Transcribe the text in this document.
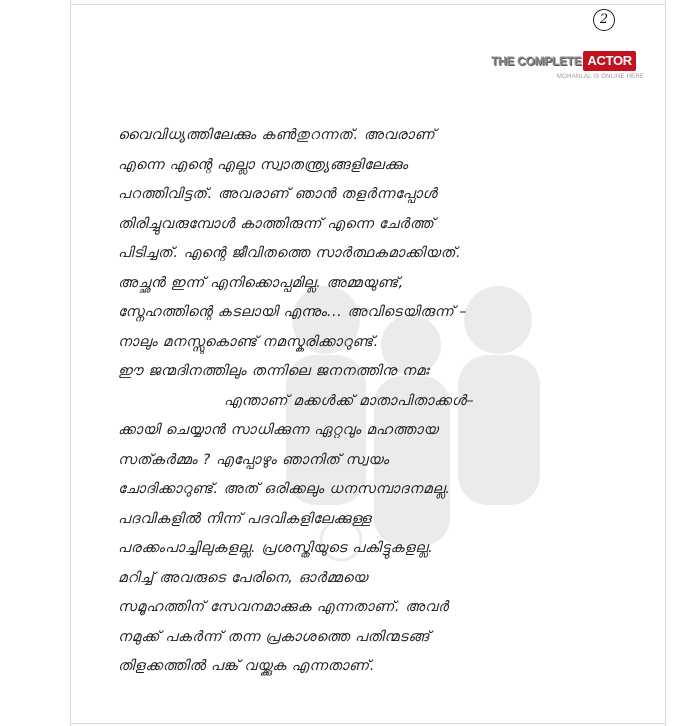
2
THE COMPLETE ACTOR
MOHANLAL IS ONLINE HERE
വൈവിധ്യത്തിലേക്കും കൺതുറന്നത്. അവരാണ്
എന്നെ എന്റെ എല്ലാ സ്വാതന്ത്ര്യങ്ങളിലേക്കും
പറത്തിവിട്ടത്. അവരാണ് ഞാൻ തളർന്നപ്പോൾ
തിരിച്ചുവരുമ്പോൾ കാത്തിരുന്ന് എന്നെ ചേർത്ത്
പിടിച്ചത്. എന്റെ ജീവിതത്തെ സാർത്ഥകമാക്കിയത്.
അച്ഛൻ ഇന്ന് എനിക്കൊപ്പമില്ല. അമ്മയുണ്ട്,
സ്നേഹത്തിന്റെ കടലായി എന്നും... അവിടെയിരുന്ന് –
നാലും മനസ്സുകൊണ്ട് നമസ്കരിക്കാറുണ്ട്.
ഈ ജന്മദിനത്തിലും തന്നിലെ ജനനത്തിനു നമഃ
എന്താണ് മക്കൾക്ക് മാതാപിതാക്കൾ–
ക്കായി ചെയ്യാൻ സാധിക്കുന്ന ഏറ്റവും മഹത്തായ
സത്കർമ്മം ? എപ്പോഴും ഞാനിത് സ്വയം
ചോദിക്കാറുണ്ട്. അത് ഒരിക്കലും ധനസമ്പാദനമല്ല.
പദവികളിൽ നിന്ന് പദവികളിലേക്കുള്ള
പരക്കംപാച്ചിലുകളല്ല. പ്രശസ്തിയുടെ പകിട്ടുകളല്ല.
മറിച്ച് അവരുടെ പേരിനെ, ഓർമ്മയെ
സമൂഹത്തിന് സേവനമാക്കുക എന്നതാണ്. അവർ
നമുക്ക് പകർന്ന് തന്ന പ്രകാശത്തെ പതിന്മടങ്ങ്
തിളക്കത്തിൽ പങ്ക് വയ്ക്കുക എന്നതാണ്.
